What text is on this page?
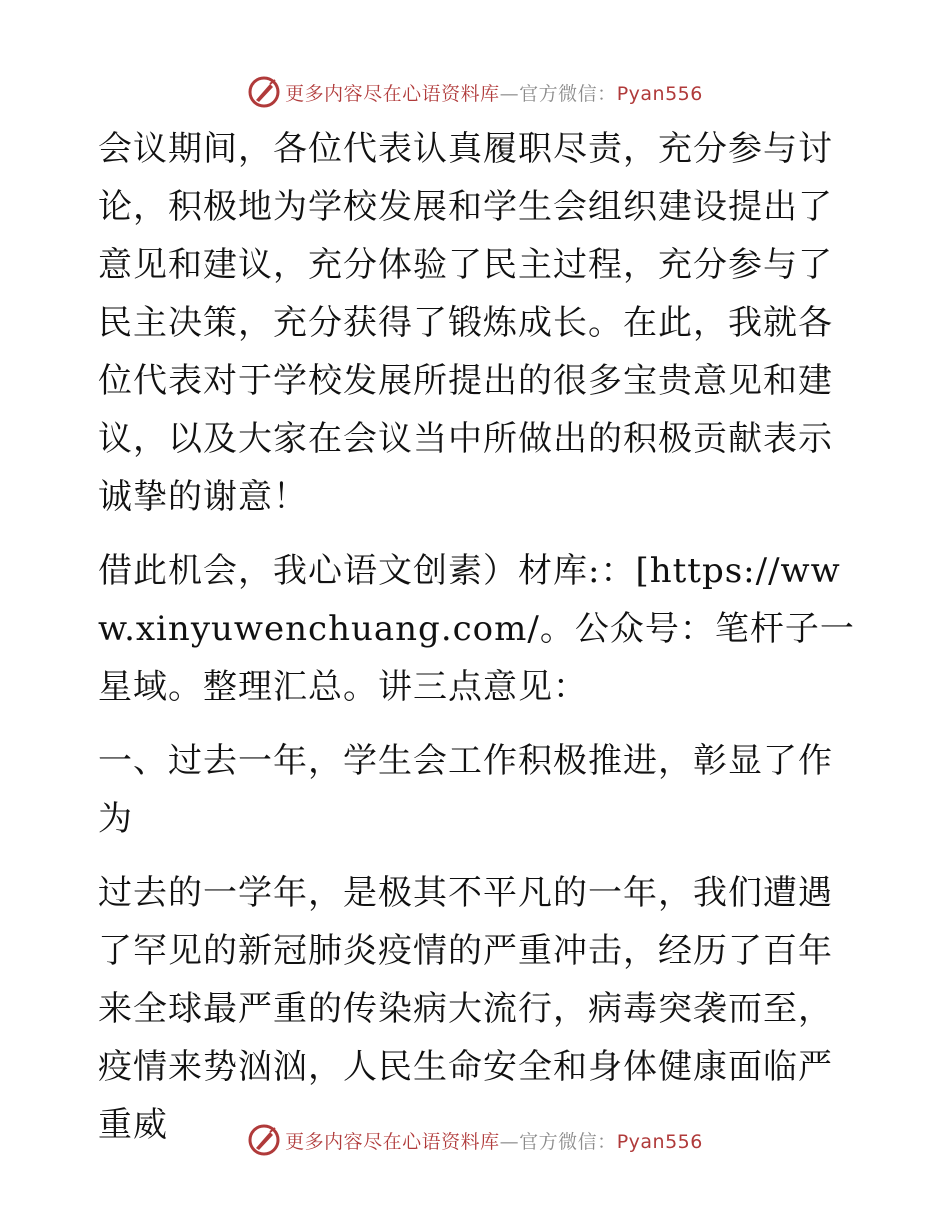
更多内容尽在心语资料库—官方微信：Pyan556

会议期间，各位代表认真履职尽责，充分参与讨论，积极地为学校发展和学生会组织建设提出了意见和建议，充分体验了民主过程，充分参与了民主决策，充分获得了锻炼成长。在此，我就各位代表对于学校发展所提出的很多宝贵意见和建议，以及大家在会议当中所做出的积极贡献表示诚挚的谢意！

借此机会，我心语文创素）材库:：[https://www.xinyuwenchuang.com/。公众号：笔杆子一星域。整理汇总。讲三点意见：

一、过去一年，学生会工作积极推进，彰显了作为

过去的一学年，是极其不平凡的一年，我们遭遇了罕见的新冠肺炎疫情的严重冲击，经历了百年来全球最严重的传染病大流行，病毒突袭而至，疫情来势汹汹，人民生命安全和身体健康面临严重威	更多内容尽在心语资料库—官方微信：Pyan556
